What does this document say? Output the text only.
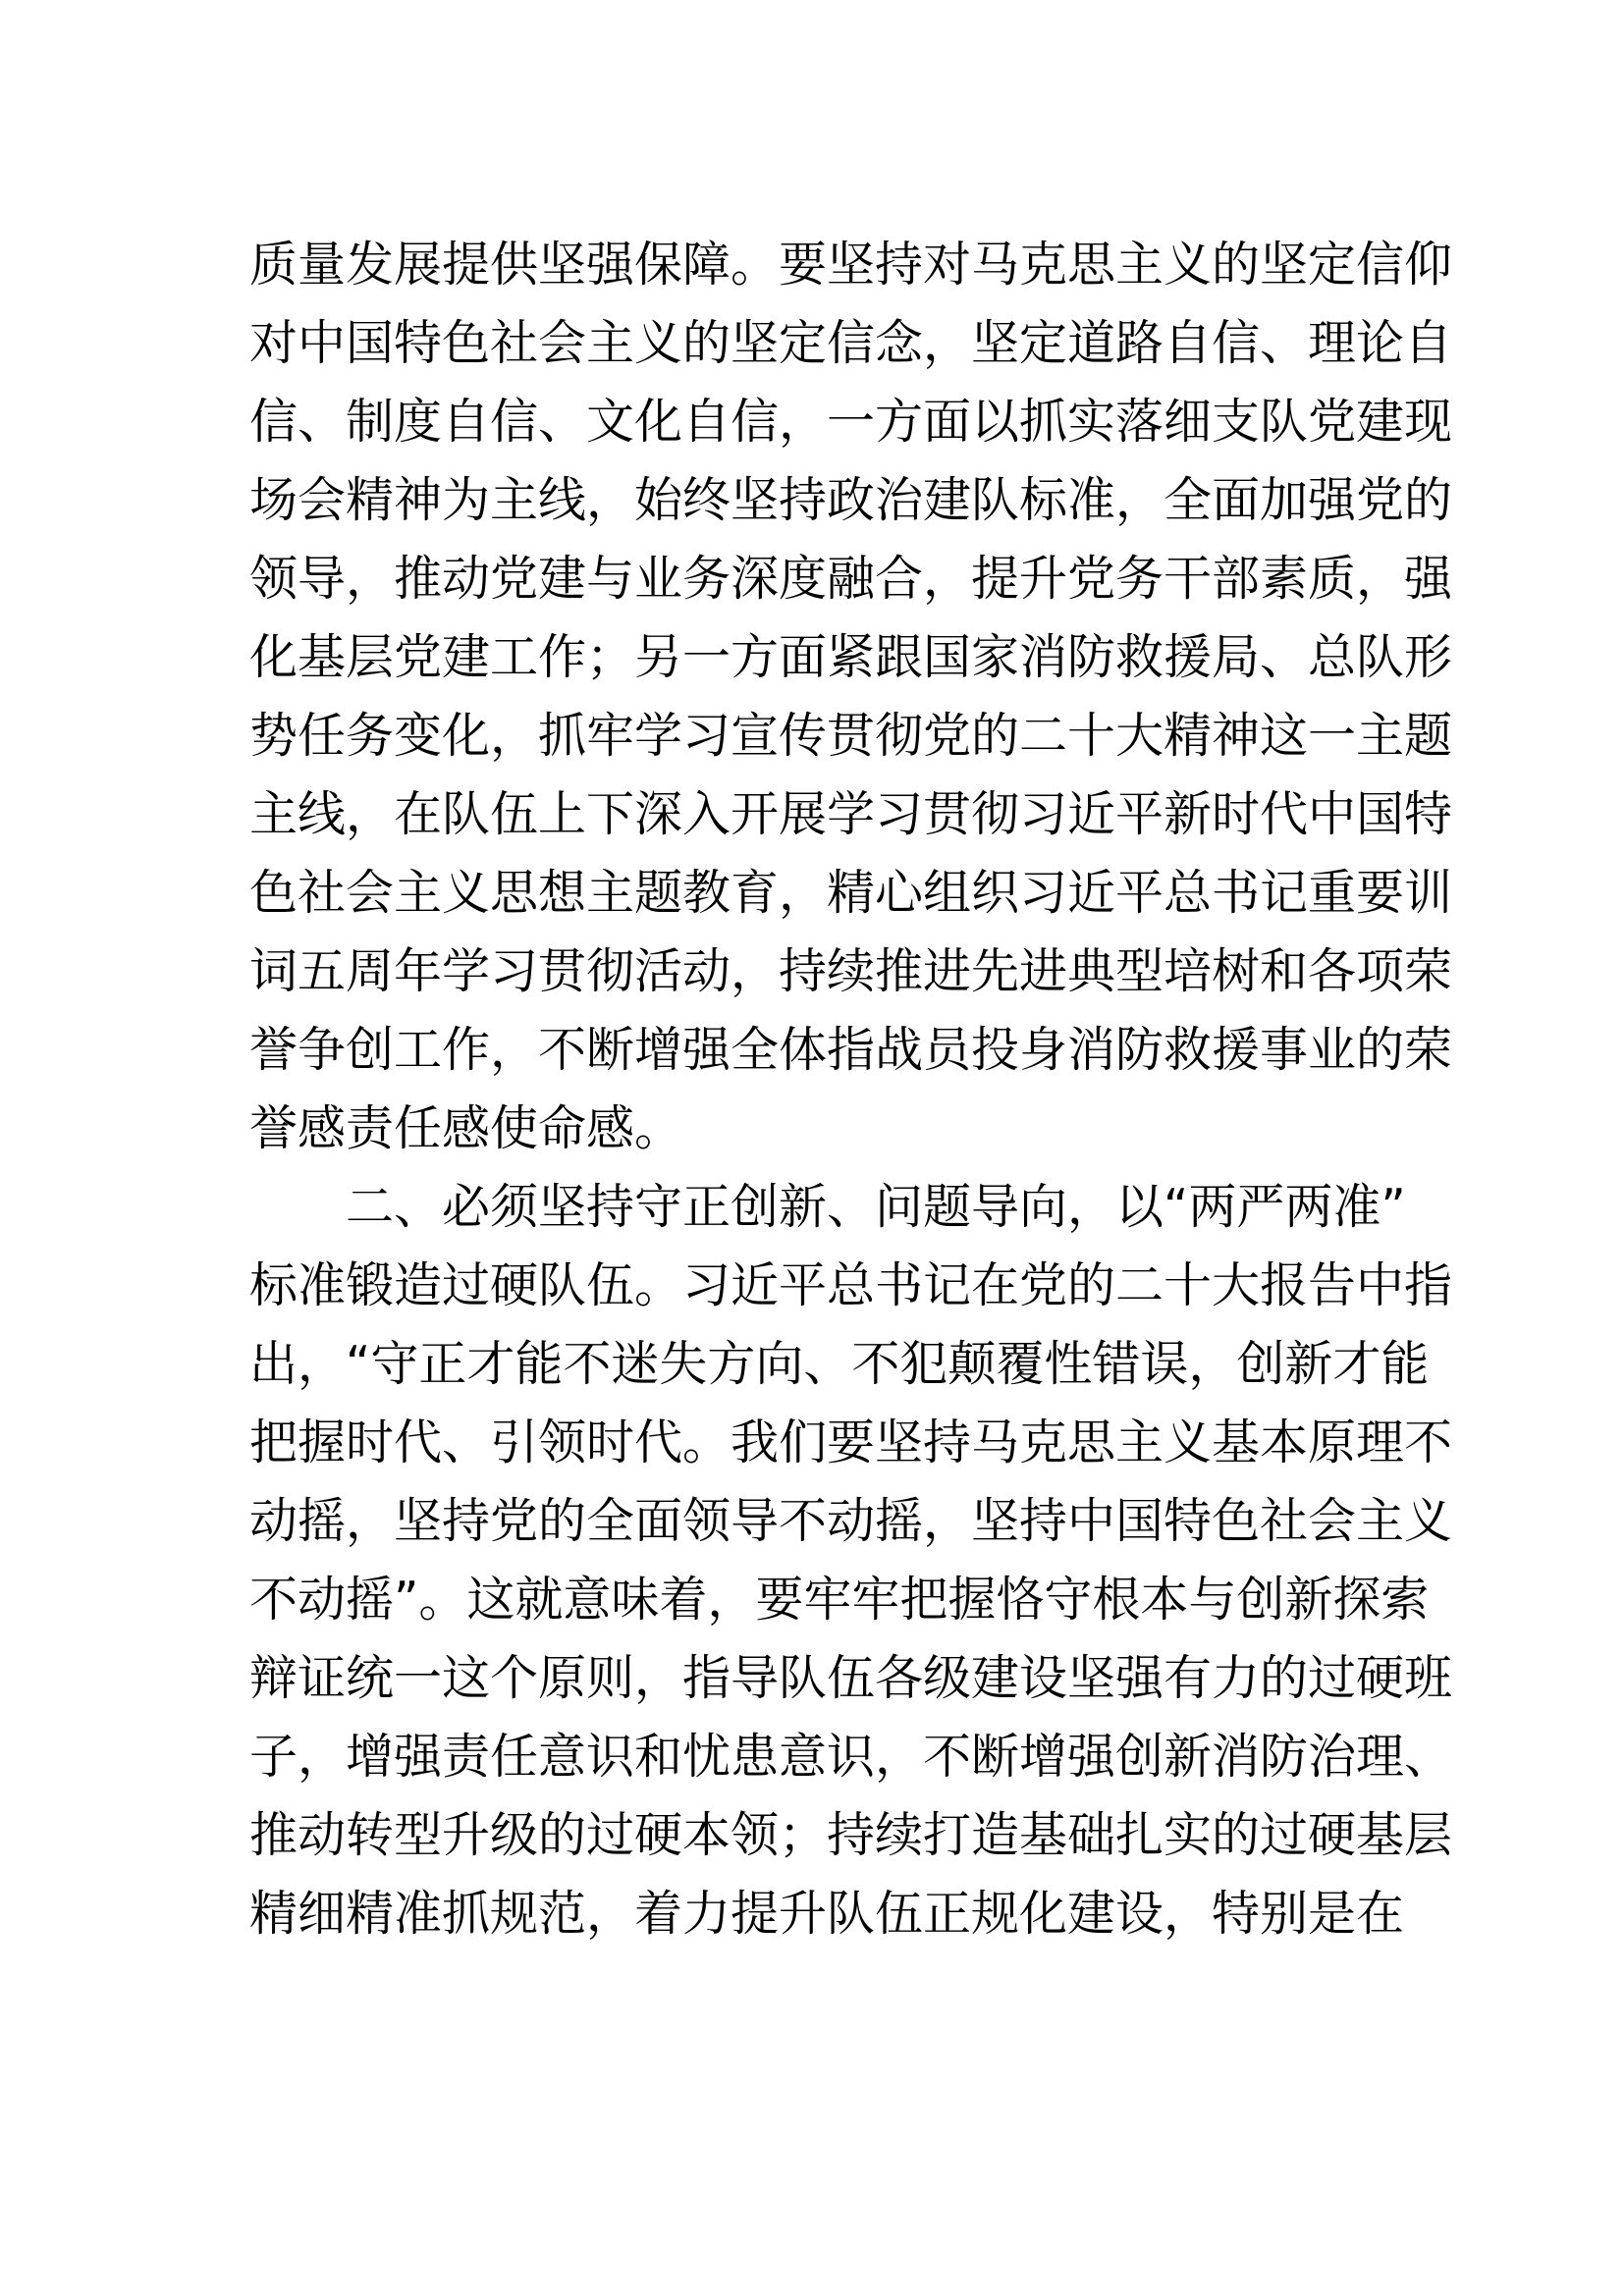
质量发展提供坚强保障。要坚持对马克思主义的坚定信仰
对中国特色社会主义的坚定信念，坚定道路自信、理论自
信、制度自信、文化自信，一方面以抓实落细支队党建现
场会精神为主线，始终坚持政治建队标准，全面加强党的
领导，推动党建与业务深度融合，提升党务干部素质，强
化基层党建工作；另一方面紧跟国家消防救援局、总队形
势任务变化，抓牢学习宣传贯彻党的二十大精神这一主题
主线，在队伍上下深入开展学习贯彻习近平新时代中国特
色社会主义思想主题教育，精心组织习近平总书记重要训
词五周年学习贯彻活动，持续推进先进典型培树和各项荣
誉争创工作，不断增强全体指战员投身消防救援事业的荣
誉感责任感使命感。
二、必须坚持守正创新、问题导向，以“两严两准”
标准锻造过硬队伍。习近平总书记在党的二十大报告中指
出，“守正才能不迷失方向、不犯颠覆性错误，创新才能
把握时代、引领时代。我们要坚持马克思主义基本原理不
动摇，坚持党的全面领导不动摇，坚持中国特色社会主义
不动摇”。这就意味着，要牢牢把握恪守根本与创新探索
辩证统一这个原则，指导队伍各级建设坚强有力的过硬班
子，增强责任意识和忧患意识，不断增强创新消防治理、
推动转型升级的过硬本领；持续打造基础扎实的过硬基层
精细精准抓规范，着力提升队伍正规化建设，特别是在
